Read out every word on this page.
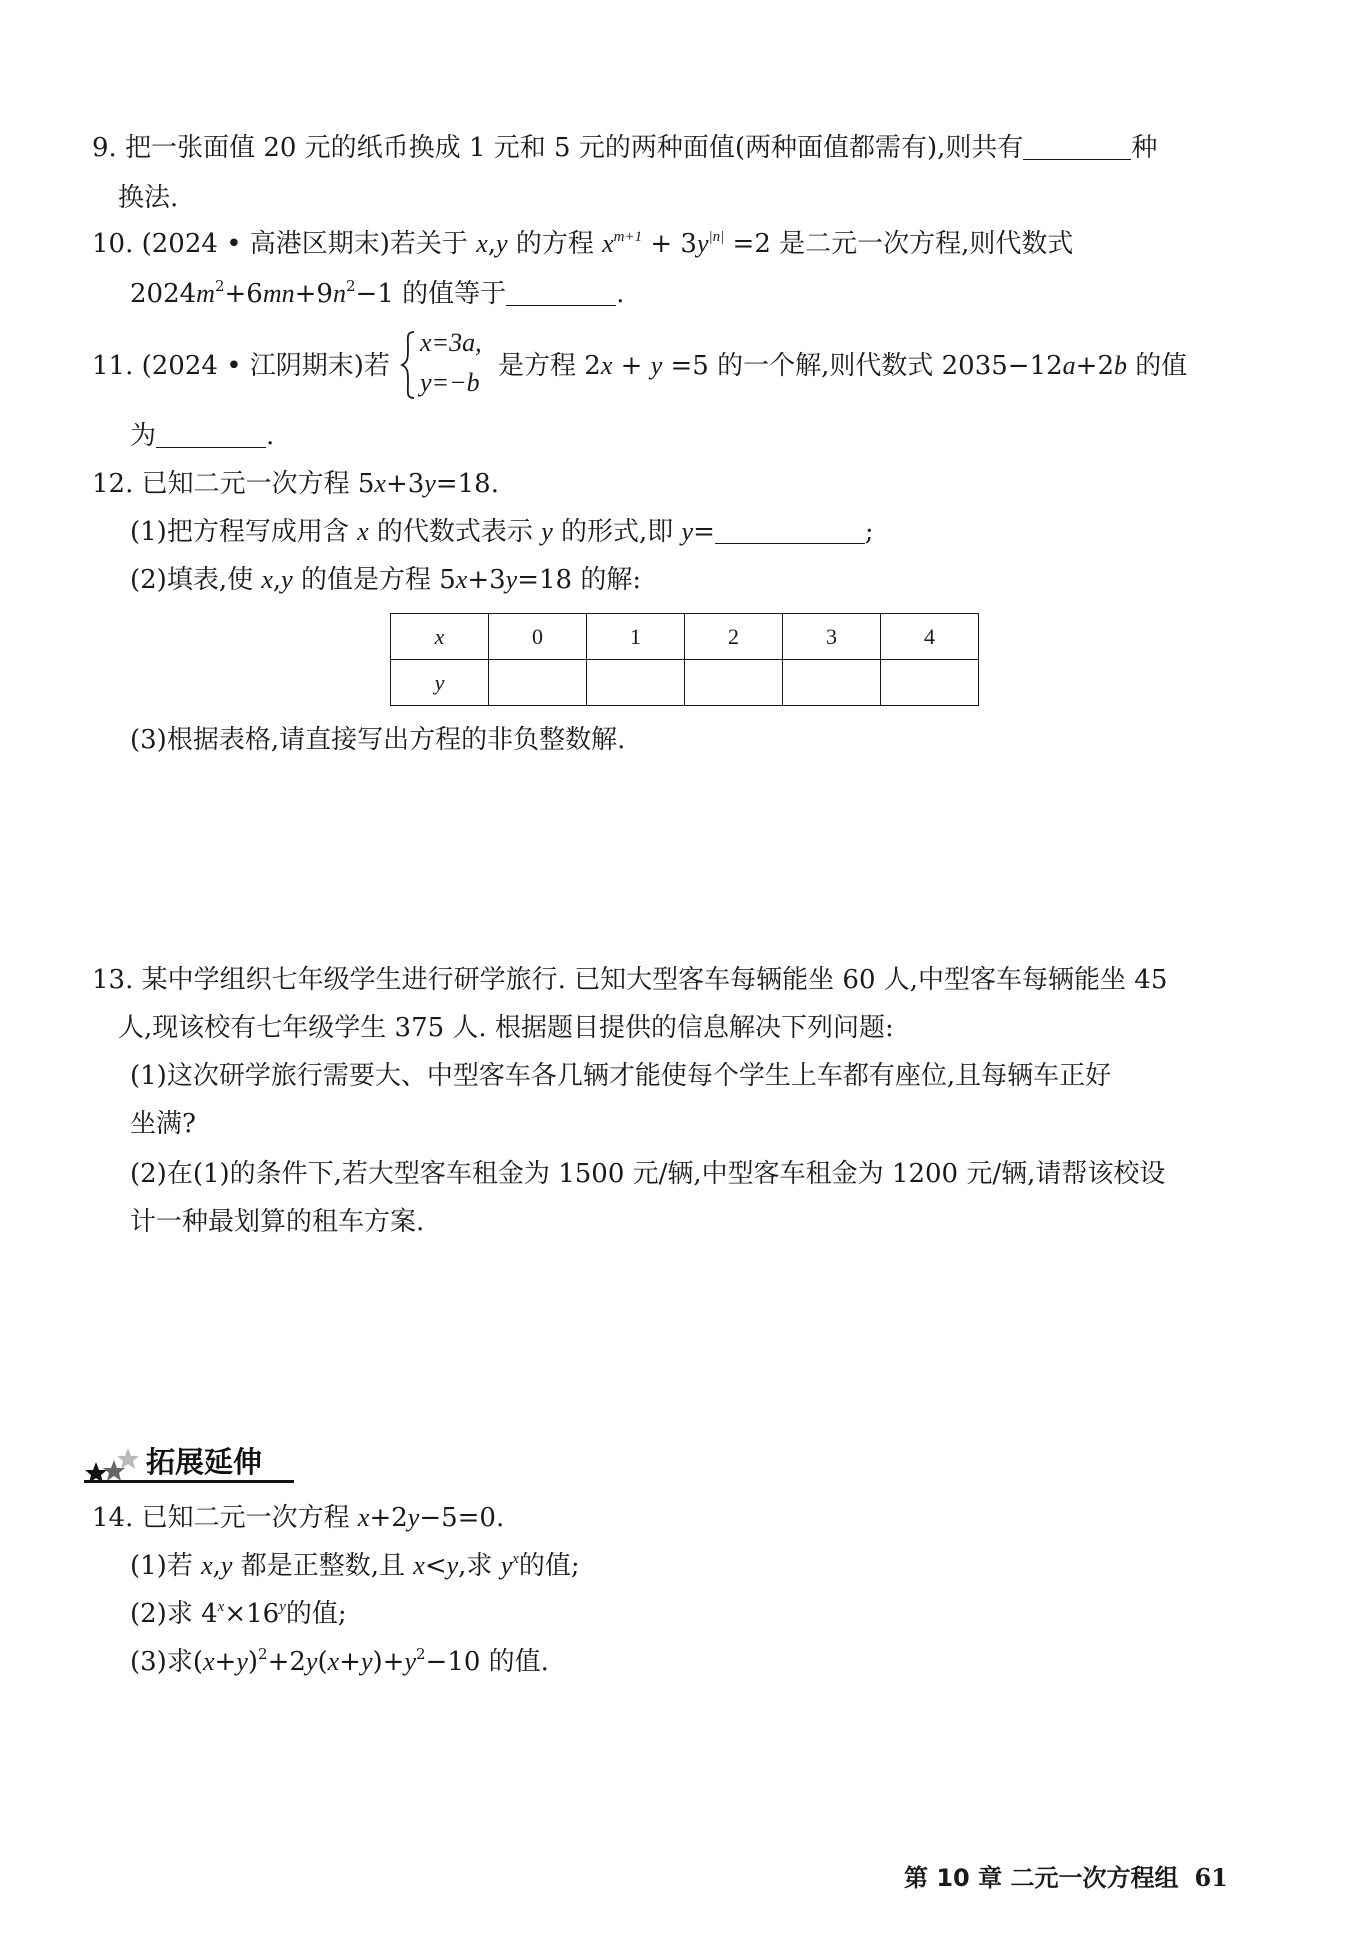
9. 把一张面值 20 元的纸币换成 1 元和 5 元的两种面值(两种面值都需有),则共有	种
换法.
10. (2024 • 高港区期末)若关于 x,y 的方程 $x^{m+1} + 3y^{|n|} =2$ 是二元一次方程,则代数式
$2024m^2+6mn+9n^2-1$ 的值等于	.
11. (2024 • 江阴期末)若
x=3a,
y=−b
是方程 2x + y =5 的一个解,则代数式 2035−12a+2b 的值
为	.
12. 已知二元一次方程 5x+3y=18.
(1)把方程写成用含 x 的代数式表示 y 的形式,即 y=	;
(2)填表,使 x,y 的值是方程 5x+3y=18 的解:
x	0	1	2	3	4
y					
(3)根据表格,请直接写出方程的非负整数解.
13. 某中学组织七年级学生进行研学旅行. 已知大型客车每辆能坐 60 人,中型客车每辆能坐 45
人,现该校有七年级学生 375 人. 根据题目提供的信息解决下列问题:
(1)这次研学旅行需要大、中型客车各几辆才能使每个学生上车都有座位,且每辆车正好
坐满?
(2)在(1)的条件下,若大型客车租金为 1500 元/辆,中型客车租金为 1200 元/辆,请帮该校设
计一种最划算的租车方案.
拓展延伸
14. 已知二元一次方程 x+2y−5=0.
(1)若 x,y 都是正整数,且 x<y,求 $y^x$的值;
(2)求 $4^x\times 16^y$的值;
(3)求$(x+y)^2+2y(x+y)+y^2-10$ 的值.
第 10 章 二元一次方程组 61
